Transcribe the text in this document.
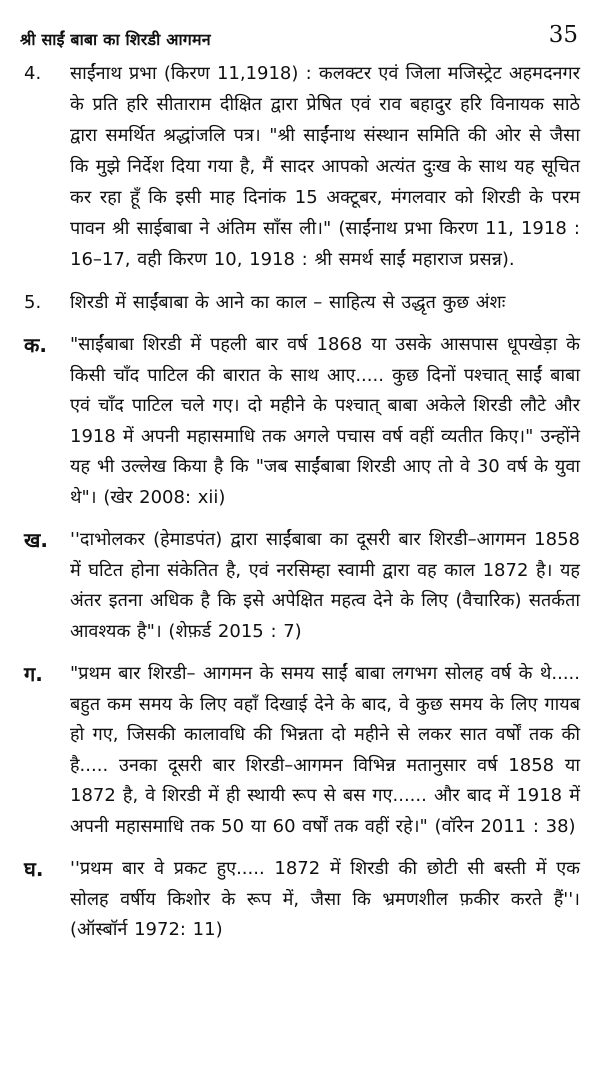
श्री साईं बाबा का शिरडी आगमन	35
4.	साईंनाथ प्रभा (किरण 11,1918) : कलक्टर एवं जिला मजिस्ट्रेट अहमदनगर के प्रति हरि सीताराम दीक्षित द्वारा प्रेषित एवं राव बहादुर हरि विनायक साठे द्वारा समर्थित श्रद्धांजलि पत्र। "श्री साईंनाथ संस्थान समिति की ओर से जैसा कि मुझे निर्देश दिया गया है, मैं सादर आपको अत्यंत दुःख के साथ यह सूचित कर रहा हूँ कि इसी माह दिनांक 15 अक्टूबर, मंगलवार को शिरडी के परम पावन श्री साईबाबा ने अंतिम साँस ली।" (साईंनाथ प्रभा किरण 11, 1918 : 16–17, वही किरण 10, 1918 : श्री समर्थ साईं महाराज प्रसन्न).
5.	शिरडी में साईंबाबा के आने का काल – साहित्य से उद्धृत कुछ अंशः
क.	"साईंबाबा शिरडी में पहली बार वर्ष 1868 या उसके आसपास धूपखेड़ा के किसी चाँद पाटिल की बारात के साथ आए..... कुछ दिनों पश्चात् साईं बाबा एवं चाँद पाटिल चले गए। दो महीने के पश्चात् बाबा अकेले शिरडी लौटे और 1918 में अपनी महासमाधि तक अगले पचास वर्ष वहीं व्यतीत किए।" उन्होंने यह भी उल्लेख किया है कि "जब साईंबाबा शिरडी आए तो वे 30 वर्ष के युवा थे"। (खेर 2008: xii)
ख.	''दाभोलकर (हेमाडपंत) द्वारा साईंबाबा का दूसरी बार शिरडी–आगमन 1858 में घटित होना संकेतित है, एवं नरसिम्हा स्वामी द्वारा वह काल 1872 है। यह अंतर इतना अधिक है कि इसे अपेक्षित महत्व देने के लिए (वैचारिक) सतर्कता आवश्यक है"। (शेफ़र्ड 2015 : 7)
ग.	"प्रथम बार शिरडी– आगमन के समय साईं बाबा लगभग सोलह वर्ष के थे..... बहुत कम समय के लिए वहाँ दिखाई देने के बाद, वे कुछ समय के लिए गायब हो गए, जिसकी कालावधि की भिन्नता दो महीने से लकर सात वर्षों तक की है..... उनका दूसरी बार शिरडी–आगमन विभिन्न मतानुसार वर्ष 1858 या 1872 है, वे शिरडी में ही स्थायी रूप से बस गए...... और बाद में 1918 में अपनी महासमाधि तक 50 या 60 वर्षों तक वहीं रहे।" (वॉरेन 2011 : 38)
घ.	''प्रथम बार वे प्रकट हुए..... 1872 में शिरडी की छोटी सी बस्ती में एक सोलह वर्षीय किशोर के रूप में, जैसा कि भ्रमणशील फ़कीर करते हैं''। (ऑस्बॉर्न 1972: 11)
